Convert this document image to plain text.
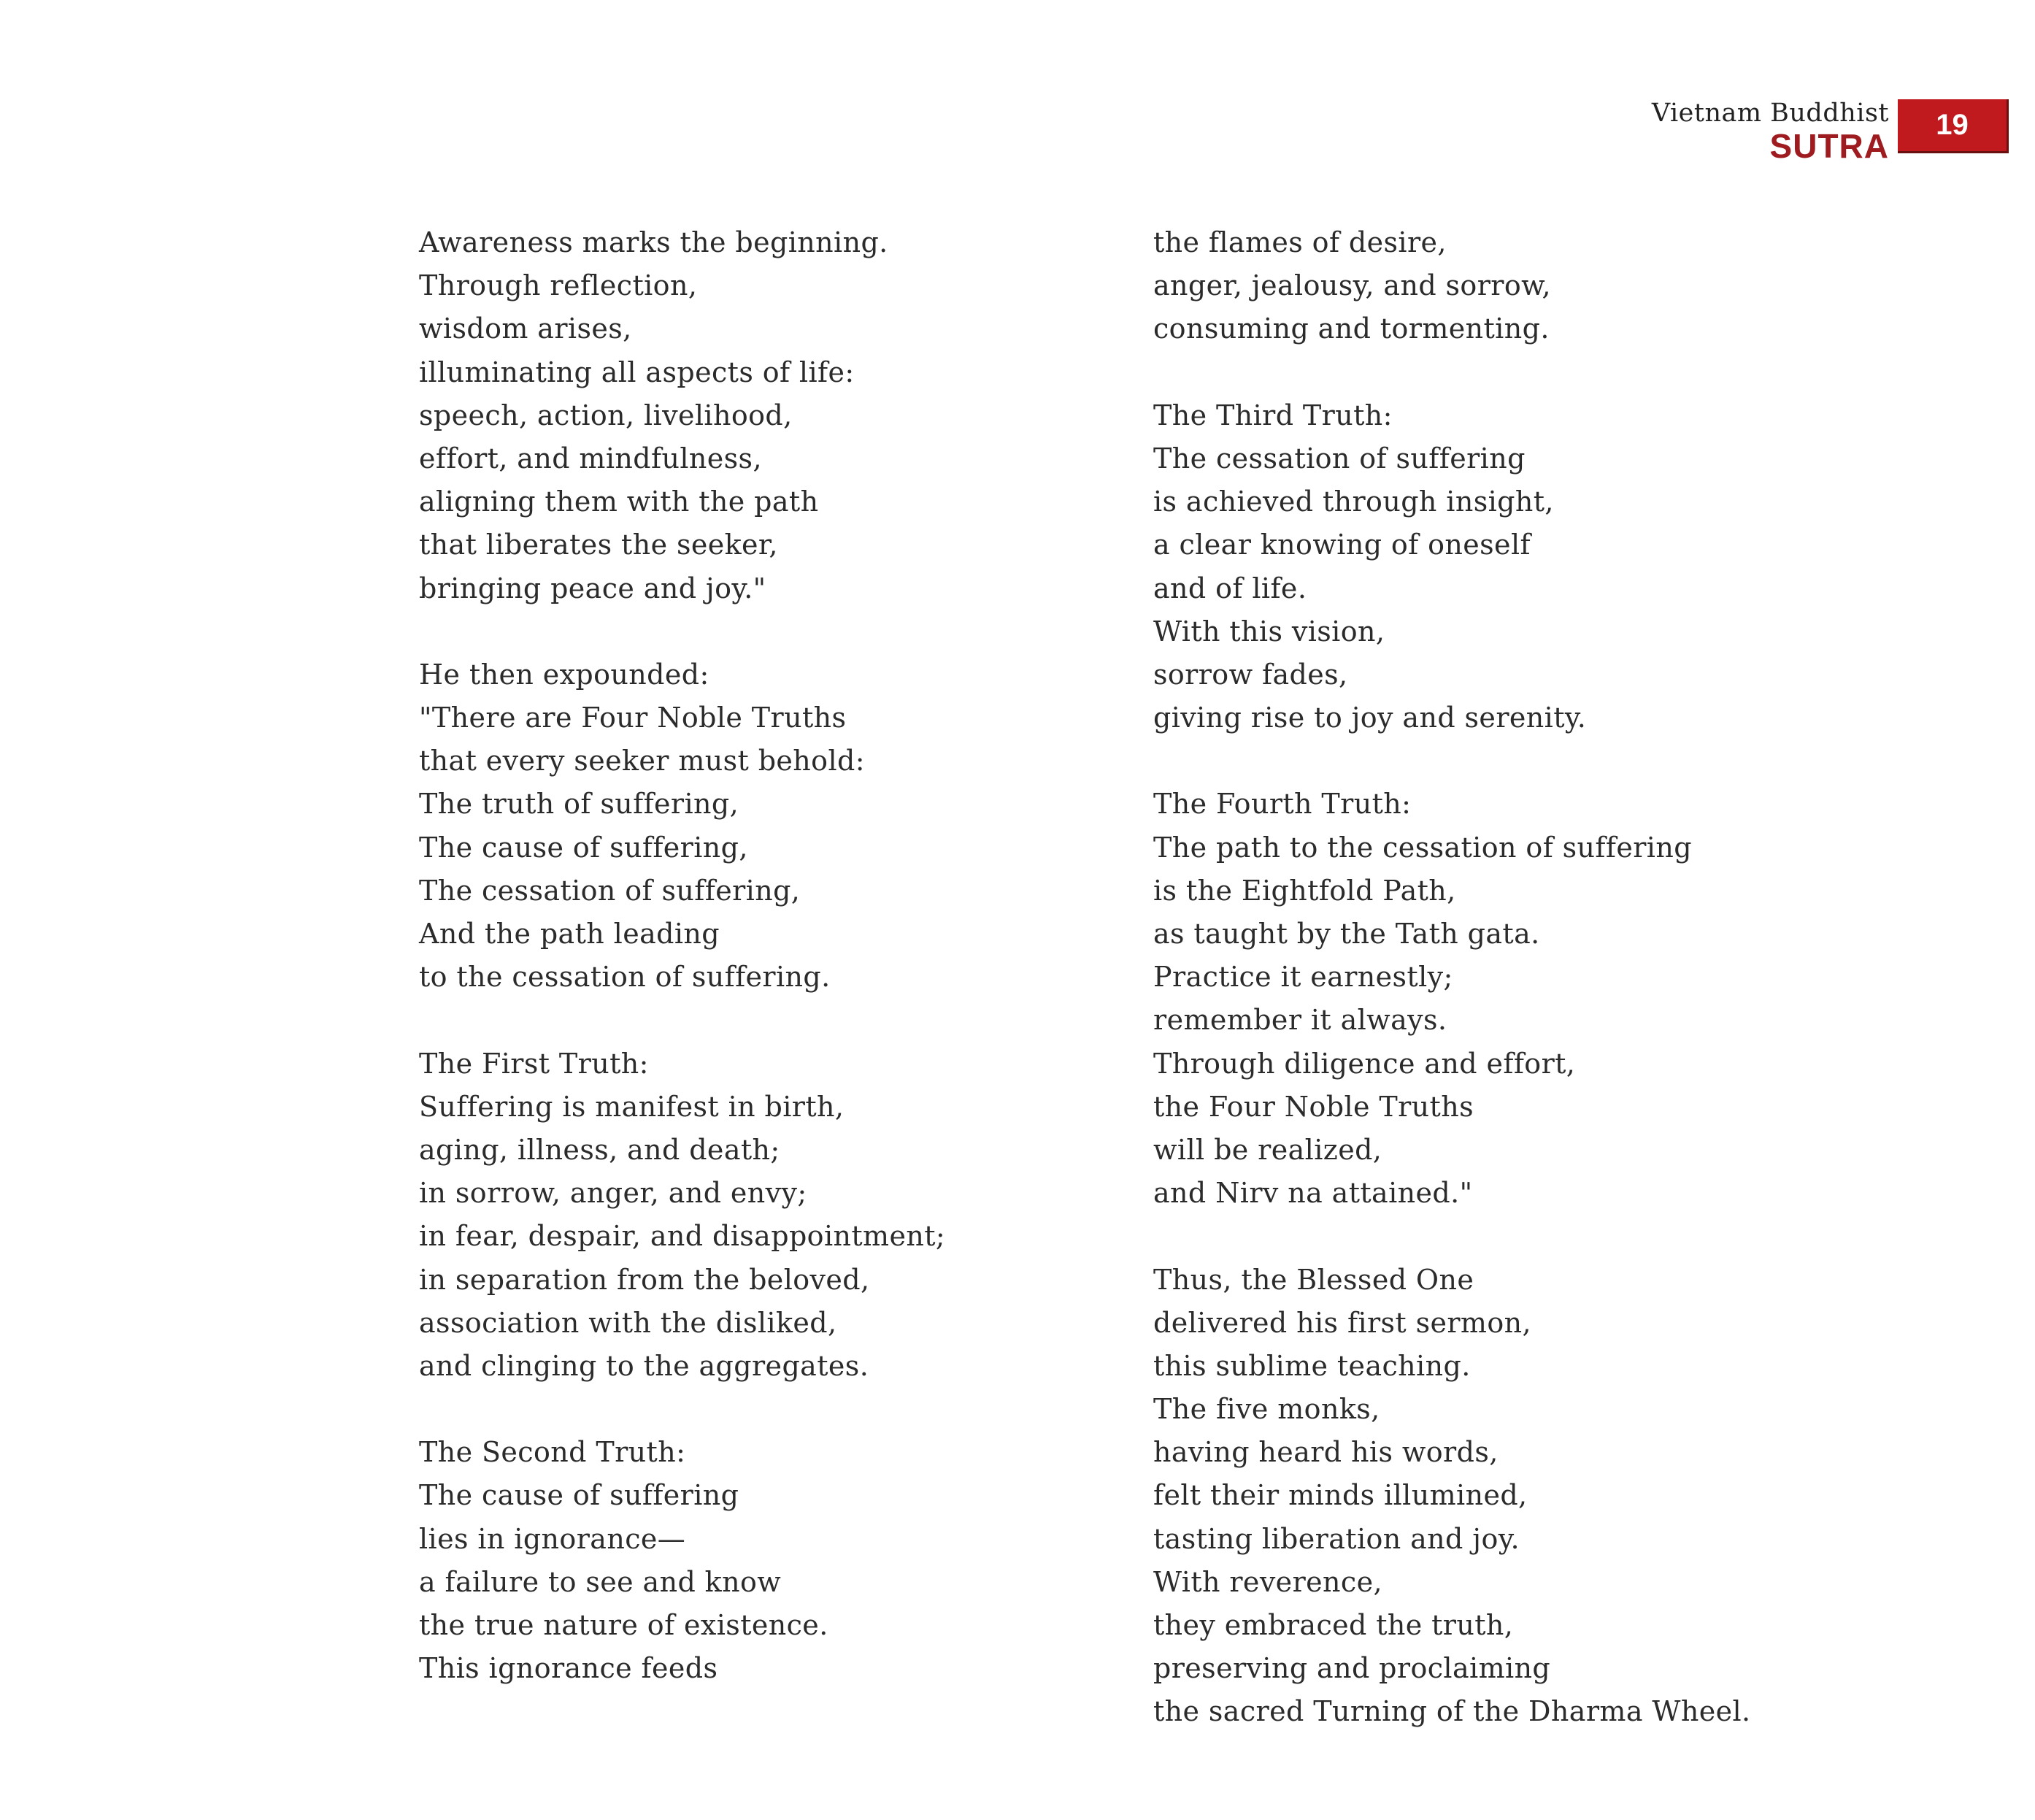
Vietnam Buddhist
SUTRA
19
Awareness marks the beginning.
Through reflection,
wisdom arises,
illuminating all aspects of life:
speech, action, livelihood,
effort, and mindfulness,
aligning them with the path
that liberates the seeker,
bringing peace and joy."
He then expounded:
"There are Four Noble Truths
that every seeker must behold:
The truth of suffering,
The cause of suffering,
The cessation of suffering,
And the path leading
to the cessation of suffering.
The First Truth:
Suffering is manifest in birth,
aging, illness, and death;
in sorrow, anger, and envy;
in fear, despair, and disappointment;
in separation from the beloved,
association with the disliked,
and clinging to the aggregates.
The Second Truth:
The cause of suffering
lies in ignorance—
a failure to see and know
the true nature of existence.
This ignorance feeds
the flames of desire,
anger, jealousy, and sorrow,
consuming and tormenting.
The Third Truth:
The cessation of suffering
is achieved through insight,
a clear knowing of oneself
and of life.
With this vision,
sorrow fades,
giving rise to joy and serenity.
The Fourth Truth:
The path to the cessation of suffering
is the Eightfold Path,
as taught by the Tath gata.
Practice it earnestly;
remember it always.
Through diligence and effort,
the Four Noble Truths
will be realized,
and Nirv na attained."
Thus, the Blessed One
delivered his first sermon,
this sublime teaching.
The five monks,
having heard his words,
felt their minds illumined,
tasting liberation and joy.
With reverence,
they embraced the truth,
preserving and proclaiming
the sacred Turning of the Dharma Wheel.
